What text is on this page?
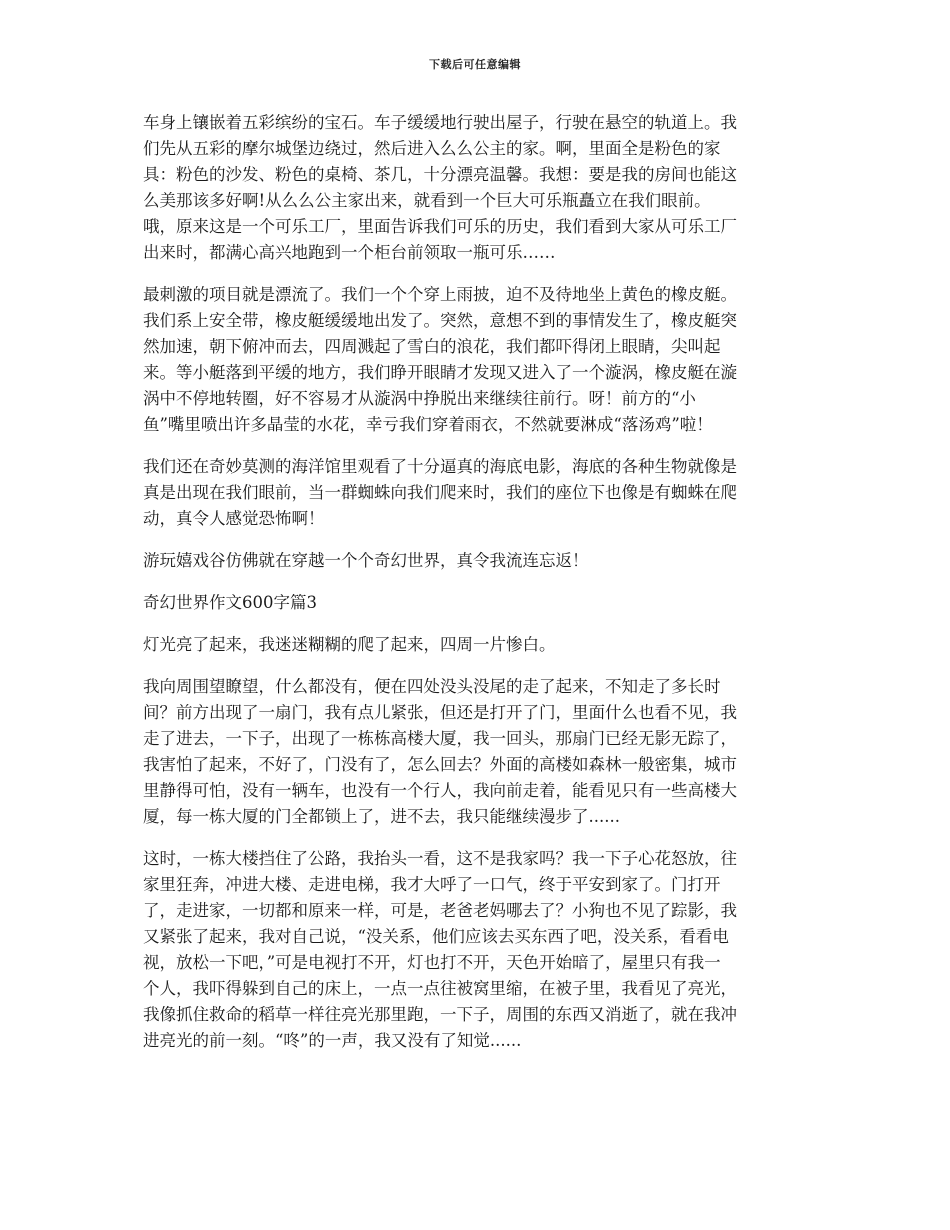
下载后可任意编辑
车身上镶嵌着五彩缤纷的宝石。车子缓缓地行驶出屋子，行驶在悬空的轨道上。我
们先从五彩的摩尔城堡边绕过，然后进入么么公主的家。啊，里面全是粉色的家
具：粉色的沙发、粉色的桌椅、茶几，十分漂亮温馨。我想：要是我的房间也能这
么美那该多好啊!从么么公主家出来，就看到一个巨大可乐瓶矗立在我们眼前。
哦，原来这是一个可乐工厂，里面告诉我们可乐的历史，我们看到大家从可乐工厂
出来时，都满心高兴地跑到一个柜台前领取一瓶可乐……
最刺激的项目就是漂流了。我们一个个穿上雨披，迫不及待地坐上黄色的橡皮艇。
我们系上安全带，橡皮艇缓缓地出发了。突然，意想不到的事情发生了，橡皮艇突
然加速，朝下俯冲而去，四周溅起了雪白的浪花，我们都吓得闭上眼睛，尖叫起
来。等小艇落到平缓的地方，我们睁开眼睛才发现又进入了一个漩涡，橡皮艇在漩
涡中不停地转圈，好不容易才从漩涡中挣脱出来继续往前行。呀！前方的“小
鱼”嘴里喷出许多晶莹的水花，幸亏我们穿着雨衣，不然就要淋成“落汤鸡”啦！
我们还在奇妙莫测的海洋馆里观看了十分逼真的海底电影，海底的各种生物就像是
真是出现在我们眼前，当一群蜘蛛向我们爬来时，我们的座位下也像是有蜘蛛在爬
动，真令人感觉恐怖啊！
游玩嬉戏谷仿佛就在穿越一个个奇幻世界，真令我流连忘返！
奇幻世界作文600字篇3
灯光亮了起来，我迷迷糊糊的爬了起来，四周一片惨白。
我向周围望瞭望，什么都没有，便在四处没头没尾的走了起来，不知走了多长时
间？前方出现了一扇门，我有点儿紧张，但还是打开了门，里面什么也看不见，我
走了进去，一下子，出现了一栋栋高楼大厦，我一回头，那扇门已经无影无踪了，
我害怕了起来，不好了，门没有了，怎么回去？外面的高楼如森林一般密集，城市
里静得可怕，没有一辆车，也没有一个行人，我向前走着，能看见只有一些高楼大
厦，每一栋大厦的门全都锁上了，进不去，我只能继续漫步了......
这时，一栋大楼挡住了公路，我抬头一看，这不是我家吗？我一下子心花怒放，往
家里狂奔，冲进大楼、走进电梯，我才大呼了一口气，终于平安到家了。门打开
了，走进家，一切都和原来一样，可是，老爸老妈哪去了？小狗也不见了踪影，我
又紧张了起来，我对自己说，“没关系，他们应该去买东西了吧，没关系，看看电
视，放松一下吧，”可是电视打不开，灯也打不开，天色开始暗了，屋里只有我一
个人，我吓得躲到自己的床上，一点一点往被窝里缩，在被子里，我看见了亮光，
我像抓住救命的稻草一样往亮光那里跑，一下子，周围的东西又消逝了，就在我冲
进亮光的前一刻。“咚”的一声，我又没有了知觉......
